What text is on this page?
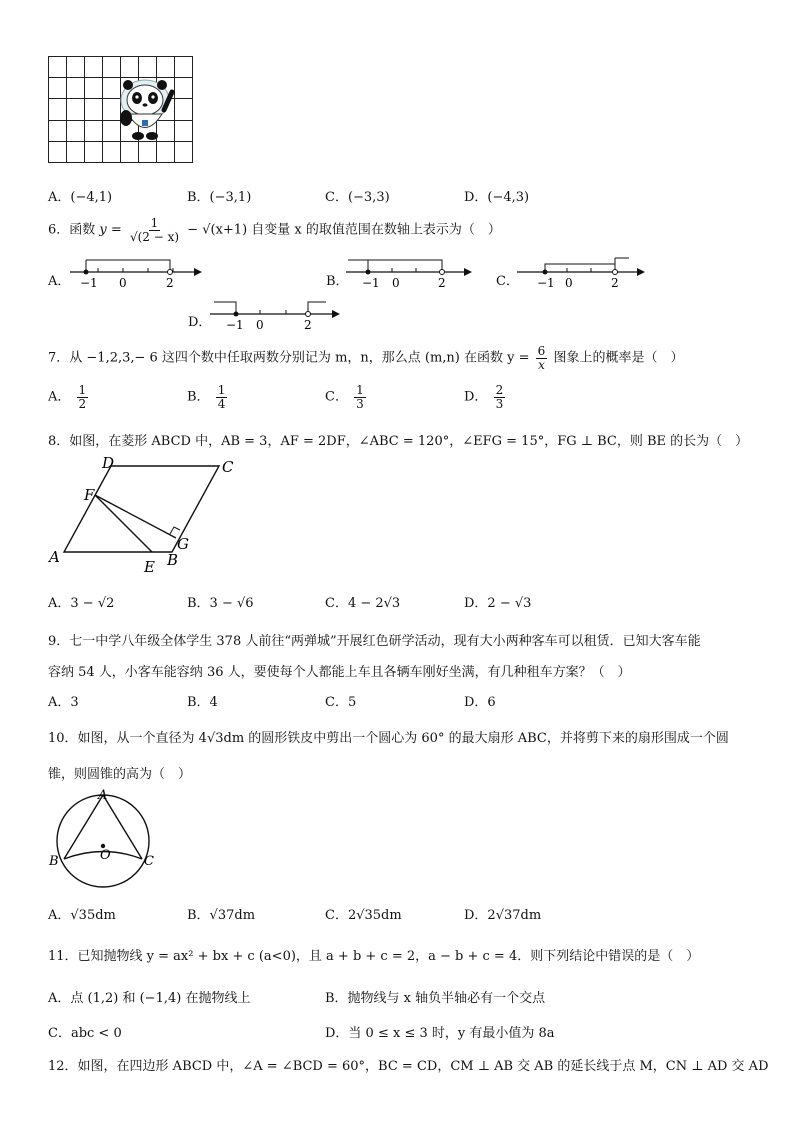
A．(−4,1)	B．(−3,1)	C．(−3,3)	D．(−4,3)
6．函数 $y = \frac{1}{√(2 - x)} - √(x+1)$ 自变量 x 的取值范围在数轴上表示为（　）
A． −1 0	2	B． −1 0	2	C． −1 0	2
D． −1 0	2
7．从 −1,2,3,− 6 这四个数中任取两数分别记为 m，n，那么点 (m,n) 在函数 $y = \frac{6}{x}$ 图象上的概率是（　）
A． $\frac{1}{2}$	B． $\frac{1}{4}$	C． $\frac{1}{3}$	D． $\frac{2}{3}$
8．如图，在菱形 ABCD 中，AB = 3，AF = 2DF，∠ABC = 120°，∠EFG = 15°，FG ⊥ BC，则 BE 的长为（　）
A	B
C
D
E
F
G
A．3 − √2	B．3 − √6	C．4 − 2√3	D．2 − √3
9．七一中学八年级全体学生 378 人前往“两弹城”开展红色研学活动，现有大小两种客车可以租赁．已知大客车能
容纳 54 人，小客车能容纳 36 人，要使每个人都能上车且各辆车刚好坐满，有几种租车方案？（　）
A．3	B．4	C．5	D．6
10．如图，从一个直径为 4√3dm 的圆形铁皮中剪出一个圆心为 60° 的最大扇形 ABC，并将剪下来的扇形围成一个圆
锥，则圆锥的高为（　）
A
B	C
O
A．√35dm	B．√37dm	C．2√35dm	D．2√37dm
11．已知抛物线 y = ax² + bx + c (a<0)，且 a + b + c = 2，a − b + c = 4．则下列结论中错误的是（　）
A．点 (1,2) 和 (−1,4) 在抛物线上	B．抛物线与 x 轴负半轴必有一个交点
C．abc < 0	D．当 0 ≤ x ≤ 3 时，y 有最小值为 8a
12．如图，在四边形 ABCD 中，∠A = ∠BCD = 60°，BC = CD，CM ⊥ AB 交 AB 的延长线于点 M，CN ⊥ AD 交 AD
